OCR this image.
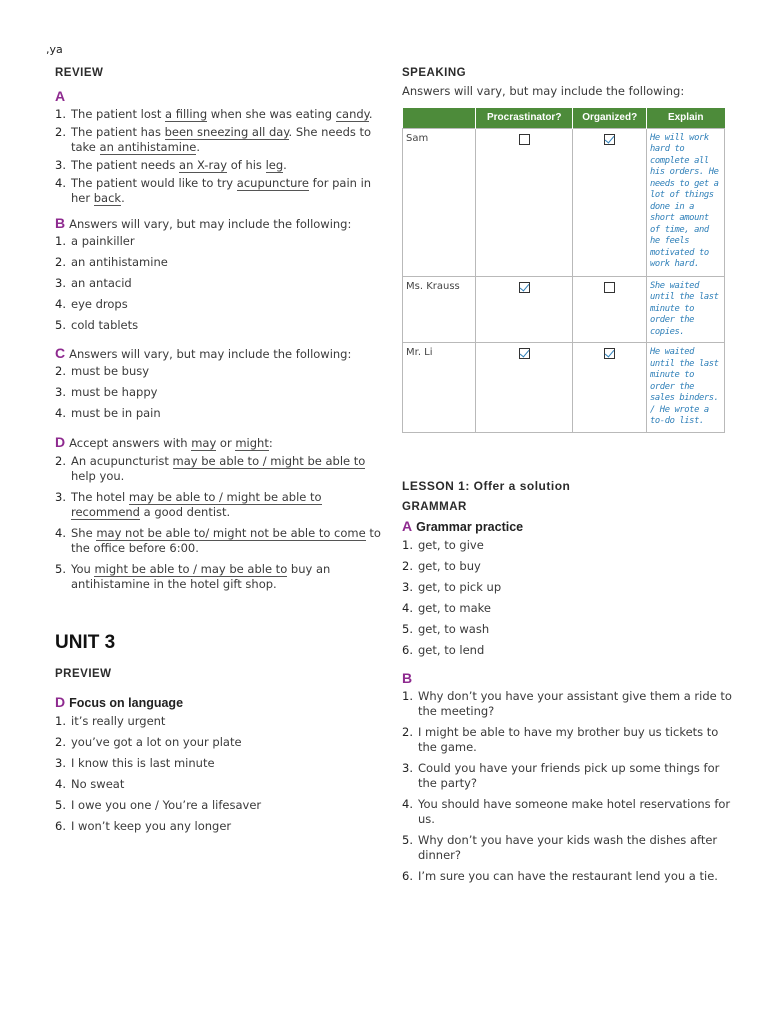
,ya
REVIEW
A
1. The patient lost a filling when she was eating candy.
2. The patient has been sneezing all day. She needs to take an antihistamine.
3. The patient needs an X-ray of his leg.
4. The patient would like to try acupuncture for pain in her back.
B Answers will vary, but may include the following:
1. a painkiller
2. an antihistamine
3. an antacid
4. eye drops
5. cold tablets
C Answers will vary, but may include the following:
2. must be busy
3. must be happy
4. must be in pain
D Accept answers with may or might:
2. An acupuncturist may be able to / might be able to help you.
3. The hotel may be able to / might be able to recommend a good dentist.
4. She may not be able to/ might not be able to come to the office before 6:00.
5. You might be able to / may be able to buy an antihistamine in the hotel gift shop.
UNIT 3
PREVIEW
D Focus on language
1. it’s really urgent
2. you’ve got a lot on your plate
3. I know this is last minute
4. No sweat
5. I owe you one / You’re a lifesaver
6. I won’t keep you any longer
SPEAKING
Answers will vary, but may include the following:
	Procrastinator?	Organized?	Explain
Sam			He will work hard to complete all his orders. He needs to get a lot of things done in a short amount of time, and he feels motivated to work hard.
Ms. Krauss			She waited until the last minute to order the copies.
Mr. Li			He waited until the last minute to order the sales binders. / He wrote a to-do list.
LESSON 1: Offer a solution
GRAMMAR
A Grammar practice
1. get, to give
2. get, to buy
3. get, to pick up
4. get, to make
5. get, to wash
6. get, to lend
B
1. Why don’t you have your assistant give them a ride to the meeting?
2. I might be able to have my brother buy us tickets to the game.
3. Could you have your friends pick up some things for the party?
4. You should have someone make hotel reservations for us.
5. Why don’t you have your kids wash the dishes after dinner?
6. I’m sure you can have the restaurant lend you a tie.
